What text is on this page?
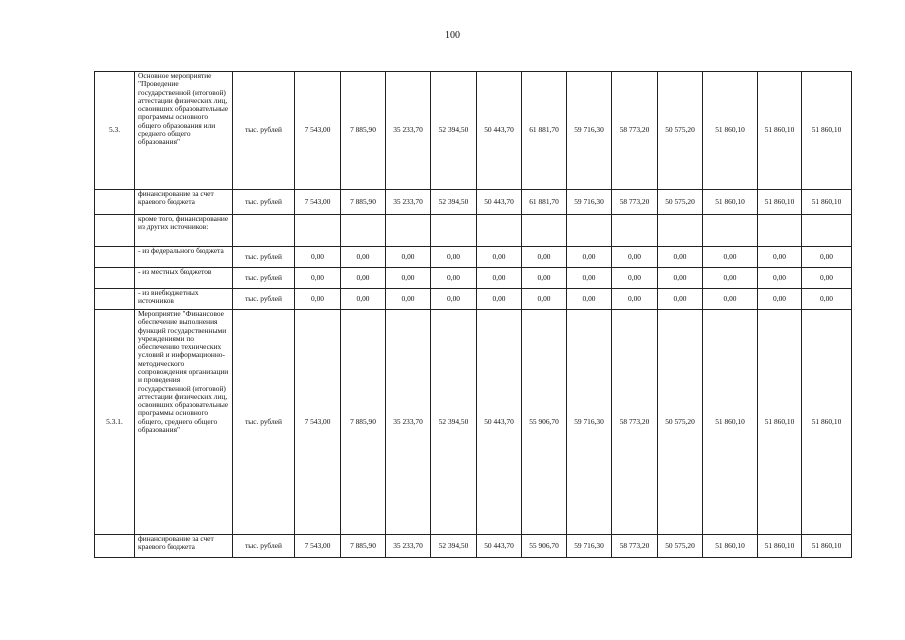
100
5.3.	Основное мероприятие "Проведение государственной (итоговой) аттестации физических лиц, освоивших образовательные программы основного общего образования или среднего общего образования"	тыс. рублей	7 543,00	7 885,90	35 233,70	52 394,50	50 443,70	61 881,70	59 716,30	58 773,20	50 575,20	51 860,10	51 860,10	51 860,10
	финансирование за счет краевого бюджета	тыс. рублей	7 543,00	7 885,90	35 233,70	52 394,50	50 443,70	61 881,70	59 716,30	58 773,20	50 575,20	51 860,10	51 860,10	51 860,10
	кроме того, финансирование из других источников:													
	- из федерального бюджета	тыс. рублей	0,00	0,00	0,00	0,00	0,00	0,00	0,00	0,00	0,00	0,00	0,00	0,00
	- из местных бюджетов	тыс. рублей	0,00	0,00	0,00	0,00	0,00	0,00	0,00	0,00	0,00	0,00	0,00	0,00
	- из внебюджетных источников	тыс. рублей	0,00	0,00	0,00	0,00	0,00	0,00	0,00	0,00	0,00	0,00	0,00	0,00
5.3.1.	Мероприятие "Финансовое обеспечение выполнения функций государственными учреждениями по обеспечению технических условий и информационно-методического сопровождения организации и проведения государственной (итоговой) аттестации физических лиц, освоивших образовательные программы основного общего, среднего общего образования"	тыс. рублей	7 543,00	7 885,90	35 233,70	52 394,50	50 443,70	55 906,70	59 716,30	58 773,20	50 575,20	51 860,10	51 860,10	51 860,10
	финансирование за счет краевого бюджета	тыс. рублей	7 543,00	7 885,90	35 233,70	52 394,50	50 443,70	55 906,70	59 716,30	58 773,20	50 575,20	51 860,10	51 860,10	51 860,10
